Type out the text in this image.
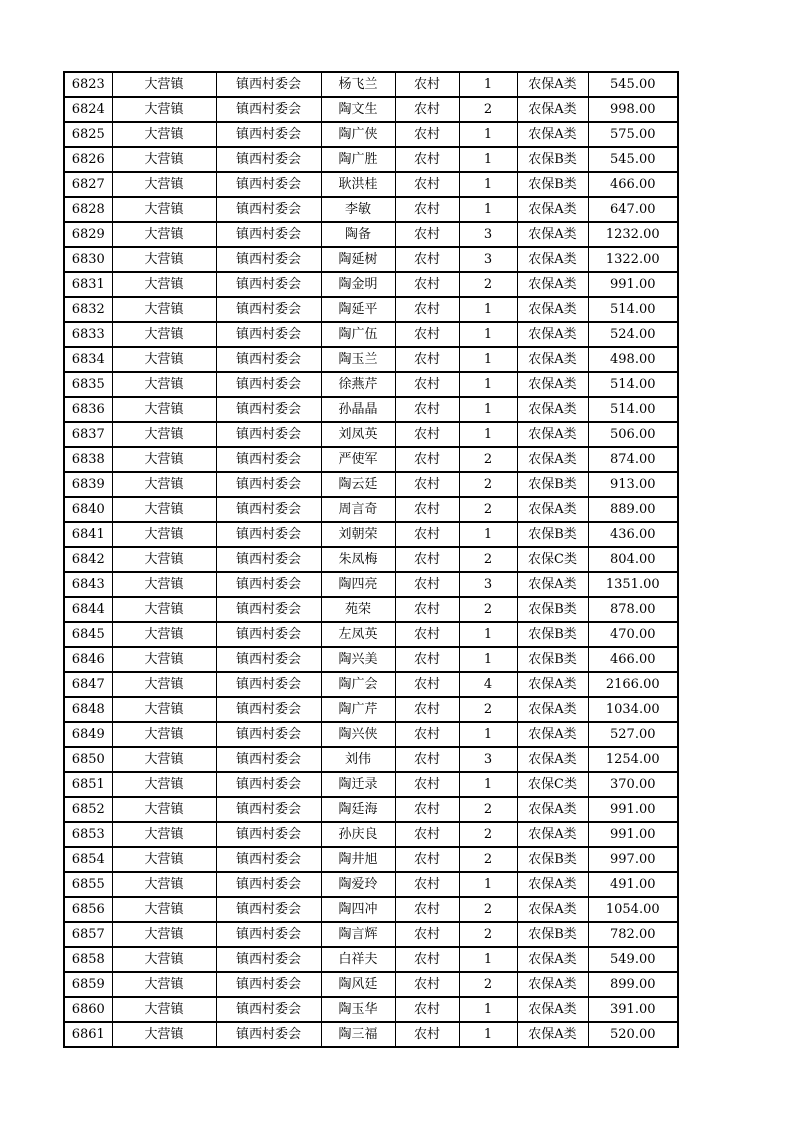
6823	大营镇	镇西村委会	杨飞兰	农村	1	农保A类	545.00
6824	大营镇	镇西村委会	陶文生	农村	2	农保A类	998.00
6825	大营镇	镇西村委会	陶广侠	农村	1	农保A类	575.00
6826	大营镇	镇西村委会	陶广胜	农村	1	农保B类	545.00
6827	大营镇	镇西村委会	耿洪桂	农村	1	农保B类	466.00
6828	大营镇	镇西村委会	李敏	农村	1	农保A类	647.00
6829	大营镇	镇西村委会	陶备	农村	3	农保A类	1232.00
6830	大营镇	镇西村委会	陶延树	农村	3	农保A类	1322.00
6831	大营镇	镇西村委会	陶金明	农村	2	农保A类	991.00
6832	大营镇	镇西村委会	陶延平	农村	1	农保A类	514.00
6833	大营镇	镇西村委会	陶广伍	农村	1	农保A类	524.00
6834	大营镇	镇西村委会	陶玉兰	农村	1	农保A类	498.00
6835	大营镇	镇西村委会	徐燕芹	农村	1	农保A类	514.00
6836	大营镇	镇西村委会	孙晶晶	农村	1	农保A类	514.00
6837	大营镇	镇西村委会	刘凤英	农村	1	农保A类	506.00
6838	大营镇	镇西村委会	严使军	农村	2	农保A类	874.00
6839	大营镇	镇西村委会	陶云廷	农村	2	农保B类	913.00
6840	大营镇	镇西村委会	周言奇	农村	2	农保A类	889.00
6841	大营镇	镇西村委会	刘朝荣	农村	1	农保B类	436.00
6842	大营镇	镇西村委会	朱凤梅	农村	2	农保C类	804.00
6843	大营镇	镇西村委会	陶四亮	农村	3	农保A类	1351.00
6844	大营镇	镇西村委会	苑荣	农村	2	农保B类	878.00
6845	大营镇	镇西村委会	左凤英	农村	1	农保B类	470.00
6846	大营镇	镇西村委会	陶兴美	农村	1	农保B类	466.00
6847	大营镇	镇西村委会	陶广会	农村	4	农保A类	2166.00
6848	大营镇	镇西村委会	陶广芹	农村	2	农保A类	1034.00
6849	大营镇	镇西村委会	陶兴侠	农村	1	农保A类	527.00
6850	大营镇	镇西村委会	刘伟	农村	3	农保A类	1254.00
6851	大营镇	镇西村委会	陶迁录	农村	1	农保C类	370.00
6852	大营镇	镇西村委会	陶廷海	农村	2	农保A类	991.00
6853	大营镇	镇西村委会	孙庆良	农村	2	农保A类	991.00
6854	大营镇	镇西村委会	陶井旭	农村	2	农保B类	997.00
6855	大营镇	镇西村委会	陶爱玲	农村	1	农保A类	491.00
6856	大营镇	镇西村委会	陶四冲	农村	2	农保A类	1054.00
6857	大营镇	镇西村委会	陶言辉	农村	2	农保B类	782.00
6858	大营镇	镇西村委会	白祥夫	农村	1	农保A类	549.00
6859	大营镇	镇西村委会	陶风廷	农村	2	农保A类	899.00
6860	大营镇	镇西村委会	陶玉华	农村	1	农保A类	391.00
6861	大营镇	镇西村委会	陶三福	农村	1	农保A类	520.00
